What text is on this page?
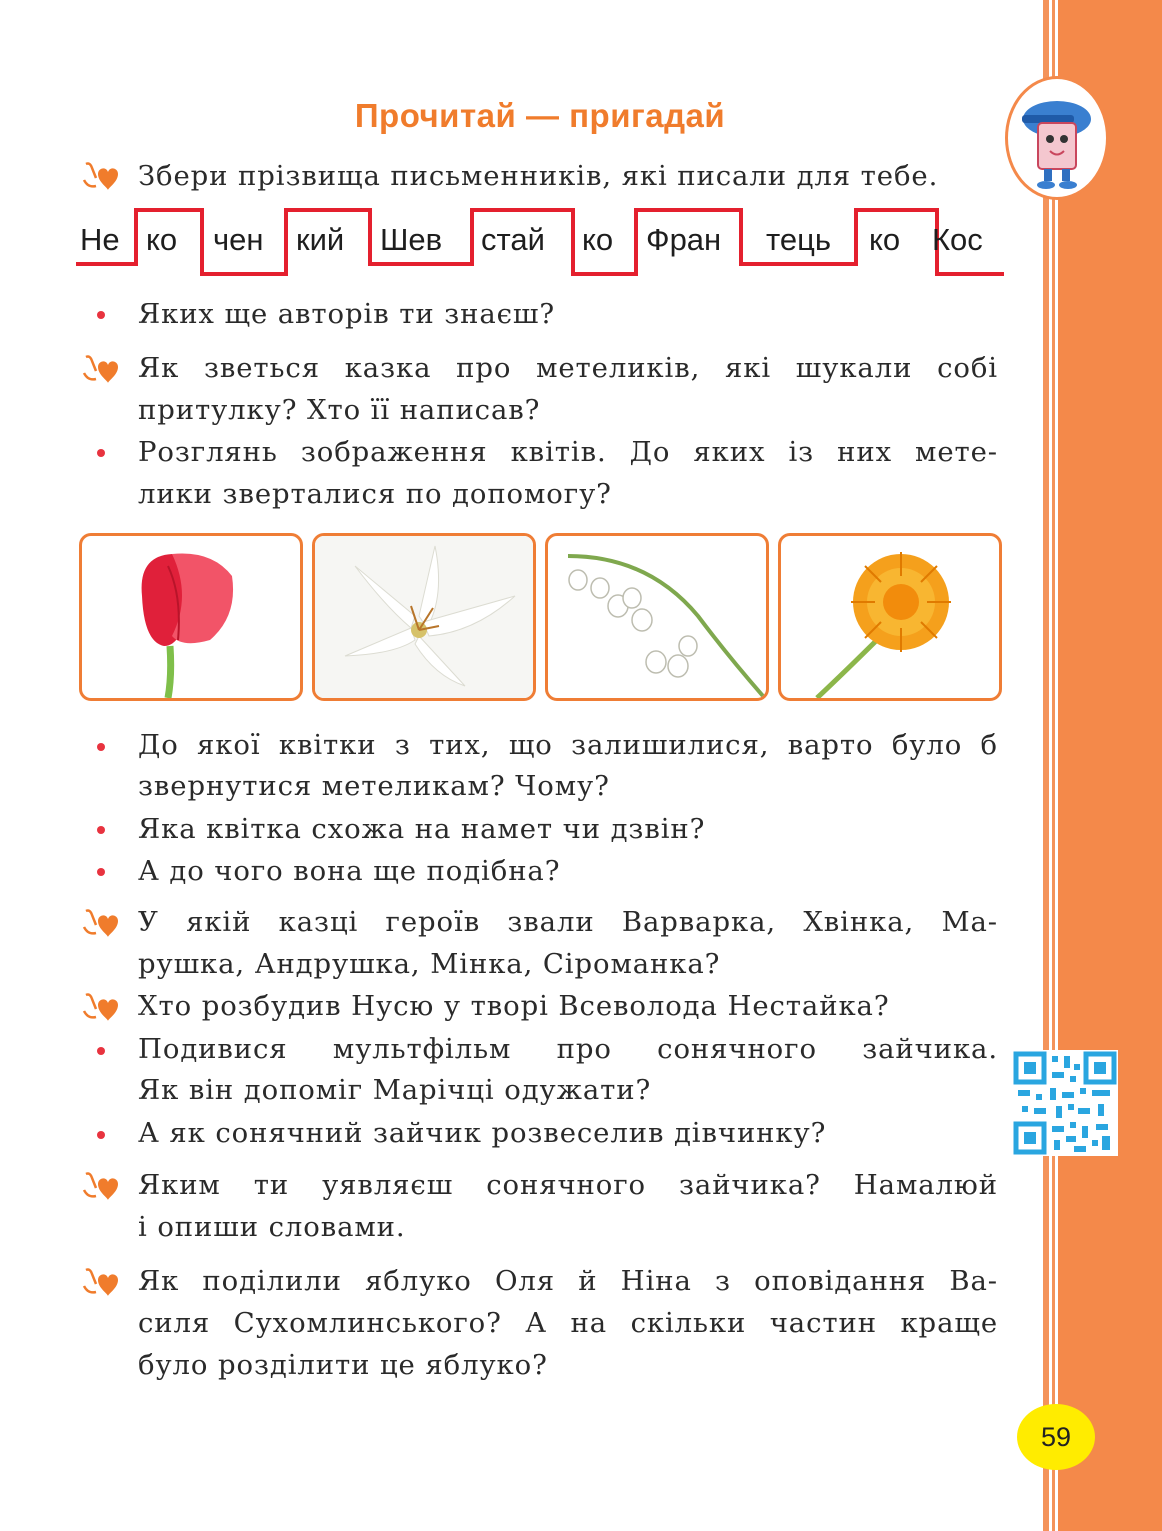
Прочитай — пригадай
Збери прізвища письменників, які писали для тебе.
Не ко чен кий Шев стай ко Фран тець ко Кос
Яких ще авторів ти знаєш?
Як зветься казка про метеликів, які шукали собі
притулку? Хто її написав?
Розглянь зображення квітів. До яких із них мете-
лики зверталися по допомогу?
До якої квітки з тих, що залишилися, варто було б
звернутися метеликам? Чому?
Яка квітка схожа на намет чи дзвін?
А до чого вона ще подібна?
У якій казці героїв звали Варварка, Хвінка, Ма-
рушка, Андрушка, Мінка, Сіроманка?
Хто розбудив Нусю у творі Всеволода Нестайка?
Подивися мультфільм про сонячного зайчика.
Як він допоміг Марічці одужати?
А як сонячний зайчик розвеселив дівчинку?
Яким ти уявляєш сонячного зайчика? Намалюй
і опиши словами.
Як поділили яблуко Оля й Ніна з оповідання Ва-
силя Сухомлинського? А на скільки частин краще
було розділити це яблуко?
59
